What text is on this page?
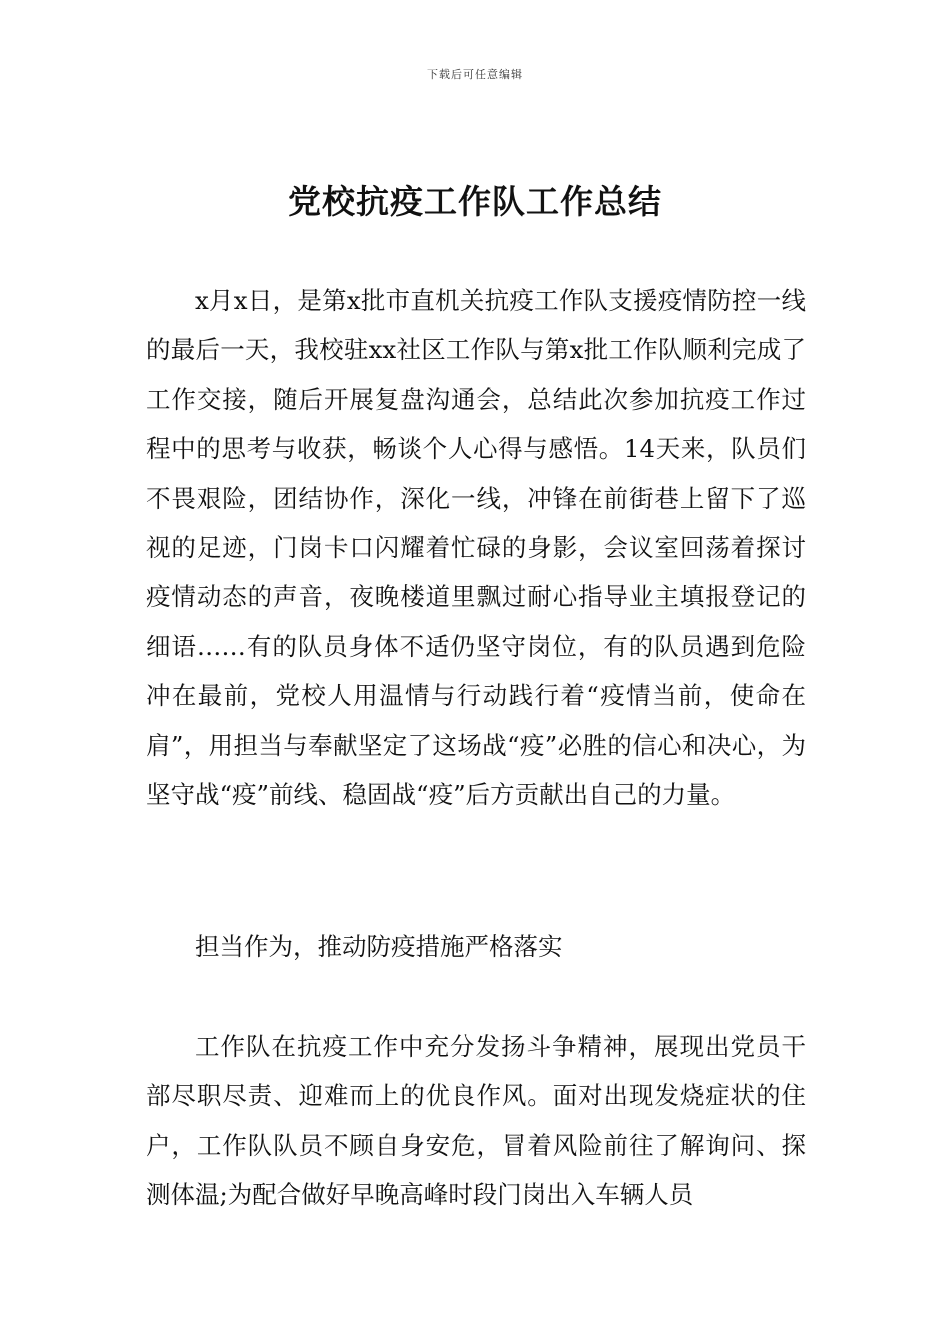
下载后可任意编辑
党校抗疫工作队工作总结

x月x日，是第x批市直机关抗疫工作队支援疫情防控一线的最后一天，我校驻xx社区工作队与第x批工作队顺利完成了工作交接，随后开展复盘沟通会，总结此次参加抗疫工作过程中的思考与收获，畅谈个人心得与感悟。14天来，队员们不畏艰险，团结协作，深化一线，冲锋在前街巷上留下了巡视的足迹，门岗卡口闪耀着忙碌的身影，会议室回荡着探讨疫情动态的声音，夜晚楼道里飘过耐心指导业主填报登记的细语……有的队员身体不适仍坚守岗位，有的队员遇到危险冲在最前，党校人用温情与行动践行着“疫情当前，使命在肩”，用担当与奉献坚定了这场战“疫”必胜的信心和决心，为坚守战“疫”前线、稳固战“疫”后方贡献出自己的力量。

担当作为，推动防疫措施严格落实

工作队在抗疫工作中充分发扬斗争精神，展现出党员干部尽职尽责、迎难而上的优良作风。面对出现发烧症状的住户，工作队队员不顾自身安危，冒着风险前往了解询问、探测体温;为配合做好早晚高峰时段门岗出入车辆人员
